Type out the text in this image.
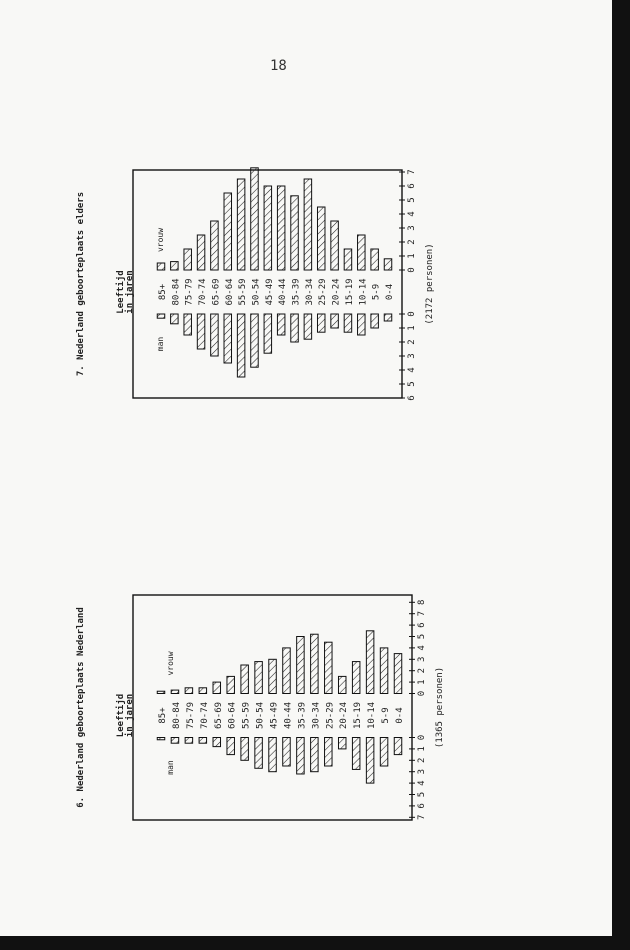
18
85+ 80-84 75-79 70-74 65-69 60-64 55-59 50-54 45-49 40-44 35-39 30-34 25-29 20-24 15-19 10-14 5-9 0-4
0
1
2
3
4
5
6
7
8
7
6
5
4
3
2
1
0
vrouw
man
Leeftijd in jaren
6. Nederland geboorteplaats Nederland	(1365 personen)
85+ 80-84 75-79 70-74 65-69 60-64 55-59 50-54 45-49 40-44 35-39 30-34 25-29 20-24 15-19 10-14 5-9 0-4
0
1
2
3
4
5
6
7
6
5
4
3
2
1
0
vrouw
man
Leeftijd in jaren
7. Nederland geboorteplaats elders	(2172 personen)
